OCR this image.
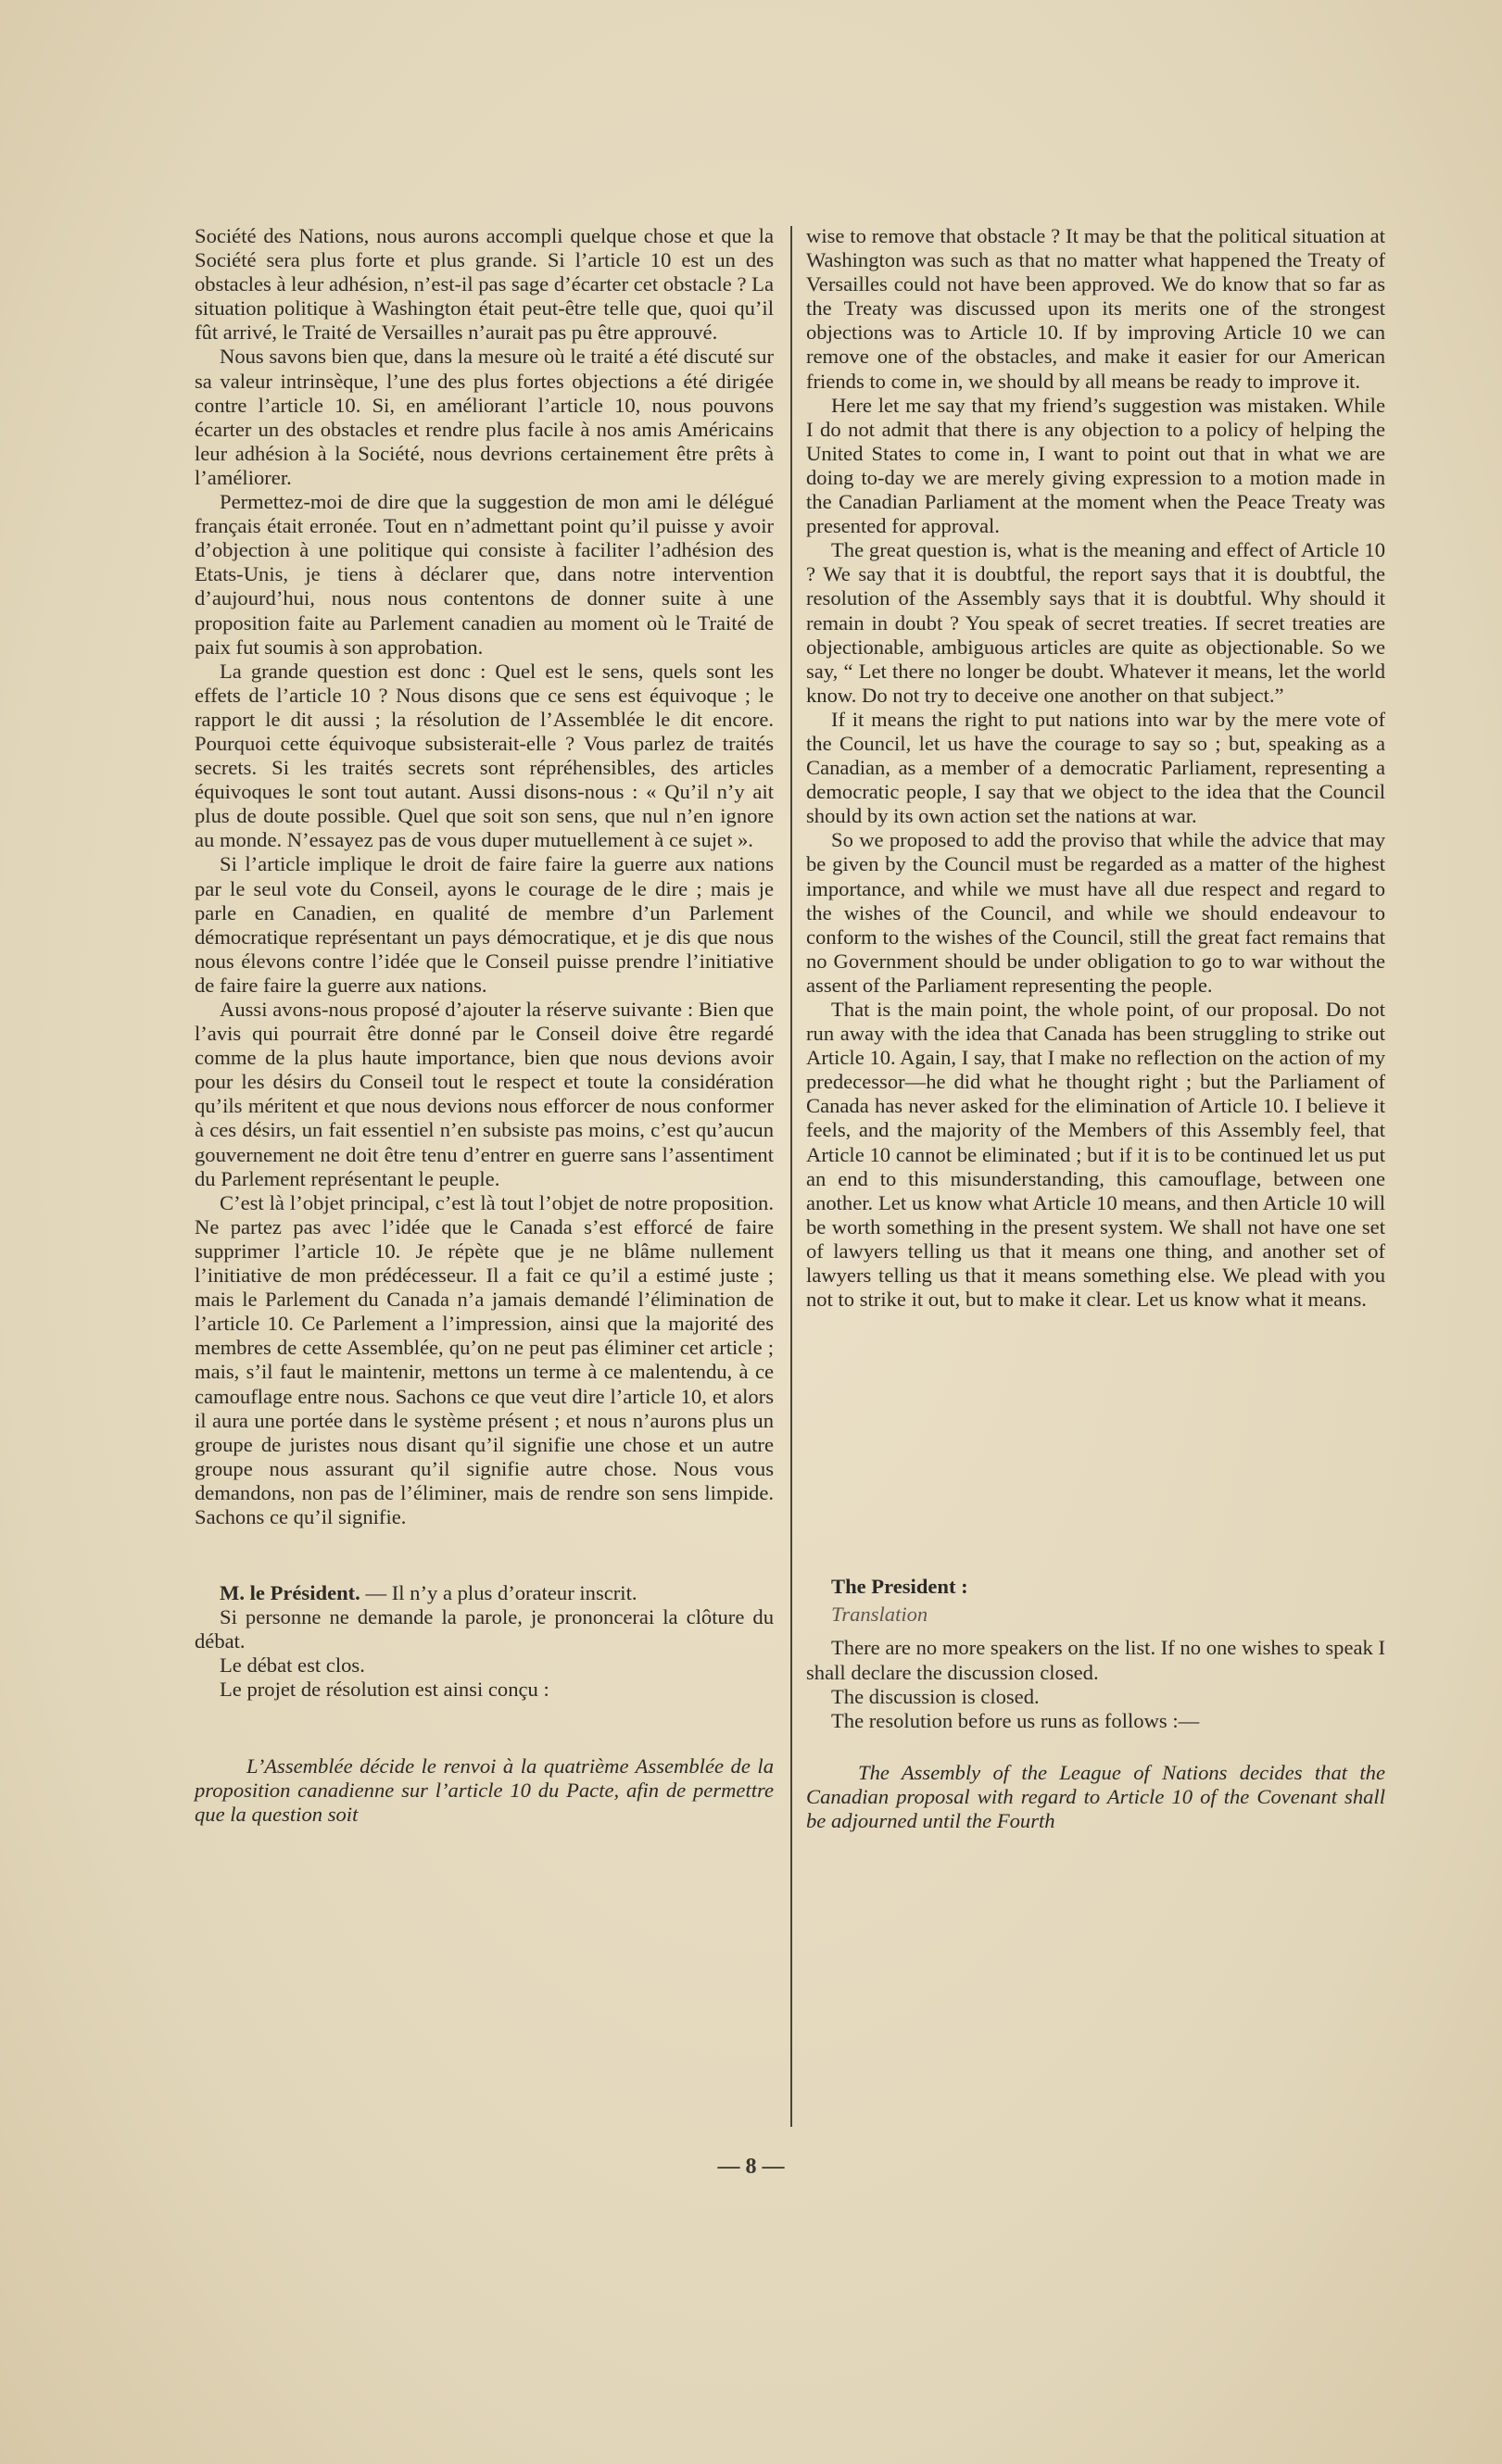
Société des Nations, nous aurons accompli quelque chose et que la Société sera plus forte et plus grande. Si l’article 10 est un des obstacles à leur adhésion, n’est-il pas sage d’écarter cet obstacle ? La situation politique à Washington était peut-être telle que, quoi qu’il fût arrivé, le Traité de Versailles n’aurait pas pu être approuvé.

Nous savons bien que, dans la mesure où le traité a été discuté sur sa valeur intrinsèque, l’une des plus fortes objections a été dirigée contre l’article 10. Si, en améliorant l’article 10, nous pouvons écarter un des obstacles et rendre plus facile à nos amis Américains leur adhésion à la Société, nous devrions certainement être prêts à l’améliorer.

Permettez-moi de dire que la suggestion de mon ami le délégué français était erronée. Tout en n’admettant point qu’il puisse y avoir d’objection à une politique qui consiste à faciliter l’adhésion des Etats-Unis, je tiens à déclarer que, dans notre intervention d’aujourd’hui, nous nous contentons de donner suite à une proposition faite au Parlement canadien au moment où le Traité de paix fut soumis à son approbation.

La grande question est donc : Quel est le sens, quels sont les effets de l’article 10 ? Nous disons que ce sens est équivoque ; le rapport le dit aussi ; la résolution de l’Assemblée le dit encore. Pourquoi cette équivoque subsisterait-elle ? Vous parlez de traités secrets. Si les traités secrets sont répréhensibles, des articles équivoques le sont tout autant. Aussi disons-nous : « Qu’il n’y ait plus de doute possible. Quel que soit son sens, que nul n’en ignore au monde. N’essayez pas de vous duper mutuellement à ce sujet ».

Si l’article implique le droit de faire faire la guerre aux nations par le seul vote du Conseil, ayons le courage de le dire ; mais je parle en Canadien, en qualité de membre d’un Parlement démocratique représentant un pays démocratique, et je dis que nous nous élevons contre l’idée que le Conseil puisse prendre l’initiative de faire faire la guerre aux nations.

Aussi avons-nous proposé d’ajouter la réserve suivante : Bien que l’avis qui pourrait être donné par le Conseil doive être regardé comme de la plus haute importance, bien que nous devions avoir pour les désirs du Conseil tout le respect et toute la considération qu’ils méritent et que nous devions nous efforcer de nous conformer à ces désirs, un fait essentiel n’en subsiste pas moins, c’est qu’aucun gouvernement ne doit être tenu d’entrer en guerre sans l’assentiment du Parlement représentant le peuple.

C’est là l’objet principal, c’est là tout l’objet de notre proposition. Ne partez pas avec l’idée que le Canada s’est efforcé de faire supprimer l’article 10. Je répète que je ne blâme nullement l’initiative de mon prédécesseur. Il a fait ce qu’il a estimé juste ; mais le Parlement du Canada n’a jamais demandé l’élimination de l’article 10. Ce Parlement a l’impression, ainsi que la majorité des membres de cette Assemblée, qu’on ne peut pas éliminer cet article ; mais, s’il faut le maintenir, mettons un terme à ce malentendu, à ce camouflage entre nous. Sachons ce que veut dire l’article 10, et alors il aura une portée dans le système présent ; et nous n’aurons plus un groupe de juristes nous disant qu’il signifie une chose et un autre groupe nous assurant qu’il signifie autre chose. Nous vous demandons, non pas de l’éliminer, mais de rendre son sens limpide. Sachons ce qu’il signifie.

M. le Président. — Il n’y a plus d’orateur inscrit.

Si personne ne demande la parole, je prononcerai la clôture du débat.

Le débat est clos.

Le projet de résolution est ainsi conçu :

L’Assemblée décide le renvoi à la quatrième Assemblée de la proposition canadienne sur l’article 10 du Pacte, afin de permettre que la question soit

wise to remove that obstacle ? It may be that the political situation at Washington was such as that no matter what happened the Treaty of Versailles could not have been approved. We do know that so far as the Treaty was discussed upon its merits one of the strongest objections was to Article 10. If by improving Article 10 we can remove one of the obstacles, and make it easier for our American friends to come in, we should by all means be ready to improve it.

Here let me say that my friend’s suggestion was mistaken. While I do not admit that there is any objection to a policy of helping the United States to come in, I want to point out that in what we are doing to-day we are merely giving expression to a motion made in the Canadian Parliament at the moment when the Peace Treaty was presented for approval.

The great question is, what is the meaning and effect of Article 10 ? We say that it is doubtful, the report says that it is doubtful, the resolution of the Assembly says that it is doubtful. Why should it remain in doubt ? You speak of secret treaties. If secret treaties are objectionable, ambiguous articles are quite as objectionable. So we say, “ Let there no longer be doubt. Whatever it means, let the world know. Do not try to deceive one another on that subject.”

If it means the right to put nations into war by the mere vote of the Council, let us have the courage to say so ; but, speaking as a Canadian, as a member of a democratic Parliament, representing a democratic people, I say that we object to the idea that the Council should by its own action set the nations at war.

So we proposed to add the proviso that while the advice that may be given by the Council must be regarded as a matter of the highest importance, and while we must have all due respect and regard to the wishes of the Council, and while we should endeavour to conform to the wishes of the Council, still the great fact remains that no Government should be under obligation to go to war without the assent of the Parliament representing the people.

That is the main point, the whole point, of our proposal. Do not run away with the idea that Canada has been struggling to strike out Article 10. Again, I say, that I make no reflection on the action of my predecessor—he did what he thought right ; but the Parliament of Canada has never asked for the elimination of Article 10. I believe it feels, and the majority of the Members of this Assembly feel, that Article 10 cannot be eliminated ; but if it is to be continued let us put an end to this misunderstanding, this camouflage, between one another. Let us know what Article 10 means, and then Article 10 will be worth something in the present system. We shall not have one set of lawyers telling us that it means one thing, and another set of lawyers telling us that it means something else. We plead with you not to strike it out, but to make it clear. Let us know what it means.

The President :

Translation

There are no more speakers on the list. If no one wishes to speak I shall declare the discussion closed.

The discussion is closed.

The resolution before us runs as follows :—

The Assembly of the League of Nations decides that the Canadian proposal with regard to Article 10 of the Covenant shall be adjourned until the Fourth

— 8 —
